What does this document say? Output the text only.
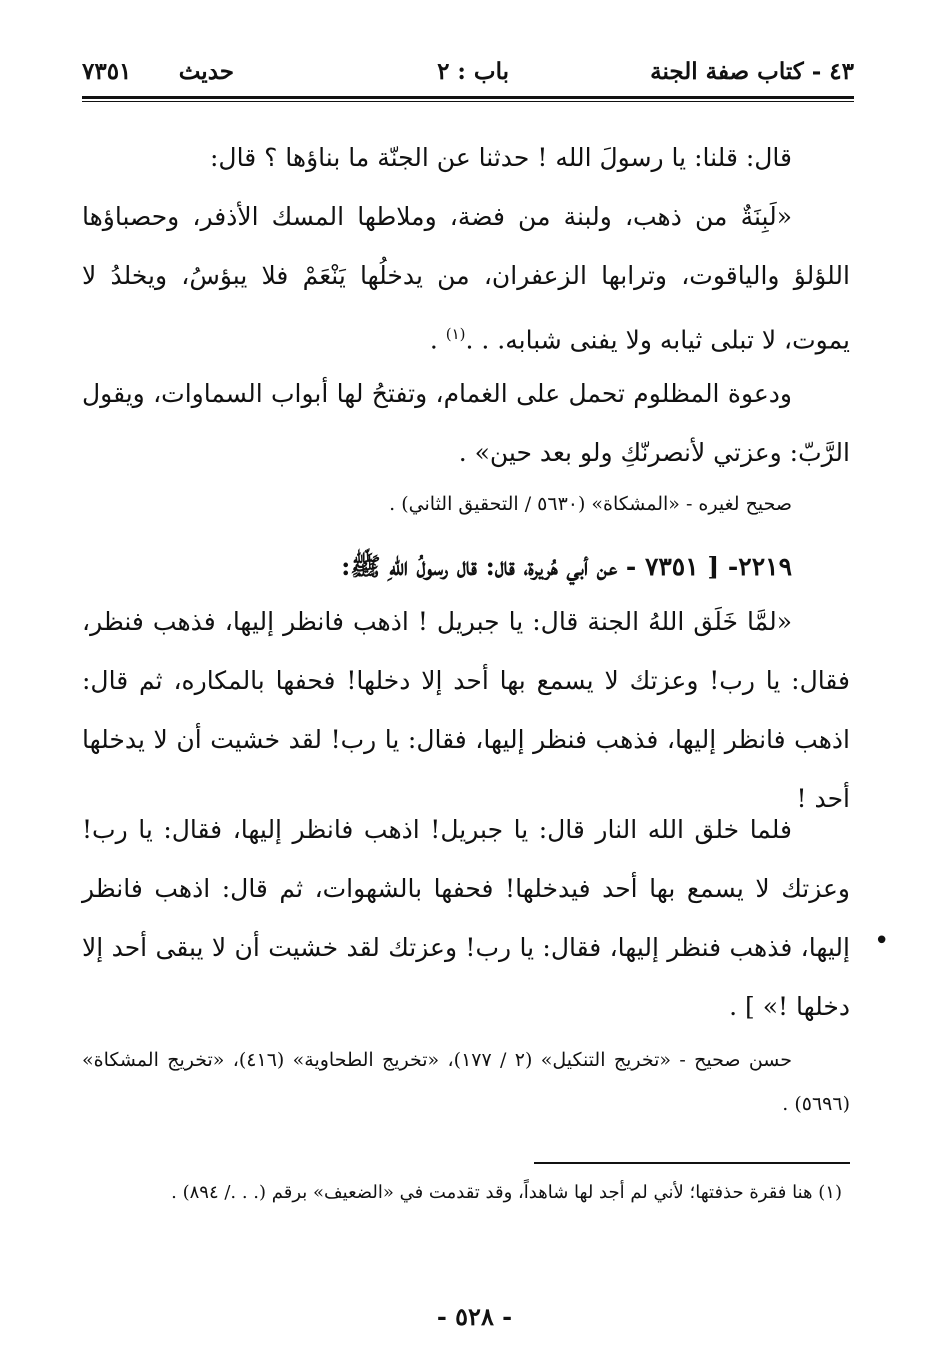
٤٣ - كتاب صفة الجنة
باب : ٢
حديث
٧٣٥١

قال: قلنا: يا رسولَ الله ! حدثنا عن الجنّة ما بناؤها ؟ قال:

«لَبِنَةٌ من ذهب، ولبنة من فضة، وملاطها المسك الأذفر، وحصباؤها اللؤلؤ والياقوت، وترابها الزعفران، من يدخلُها يَنْعَمْ فلا يبؤسُ، ويخلدُ لا يموت، لا تبلى ثيابه ولا يفنى شبابه. . .$^{(١)}$ .

ودعوة المظلوم تحمل على الغمام، وتفتحُ لها أبواب السماوات، ويقول الرَّبّ: وعزتي لأنصرنّكِ ولو بعد حين» .

صحيح لغيره - «المشكاة» (٥٦٣٠ / التحقيق الثاني) .

٢٢١٩- [ ٧٣٥١ - عن أبي هُريرة، قال: قال رسولُ اللهِ ﷺ:

«لمَّا خَلَق اللهُ الجنة قال: يا جبريل ! اذهب فانظر إليها، فذهب فنظر، فقال: يا رب! وعزتك لا يسمع بها أحد إلا دخلها! فحفها بالمكاره، ثم قال: اذهب فانظر إليها، فذهب فنظر إليها، فقال: يا رب! لقد خشيت أن لا يدخلها أحد !

فلما خلق الله النار قال: يا جبريل! اذهب فانظر إليها، فقال: يا رب! وعزتك لا يسمع بها أحد فيدخلها! فحفها بالشهوات، ثم قال: اذهب فانظر إليها، فذهب فنظر إليها، فقال: يا رب! وعزتك لقد خشيت أن لا يبقى أحد إلا دخلها !» ] .

•

حسن صحيح - «تخريج التنكيل» (٢ / ١٧٧)، «تخريج الطحاوية» (٤١٦)، «تخريج المشكاة» (٥٦٩٦) .

(١) هنا فقرة حذفتها؛ لأني لم أجد لها شاهداً، وقد تقدمت في «الضعيف» برقم (. . ./ ٨٩٤) .
- ٥٢٨ -
